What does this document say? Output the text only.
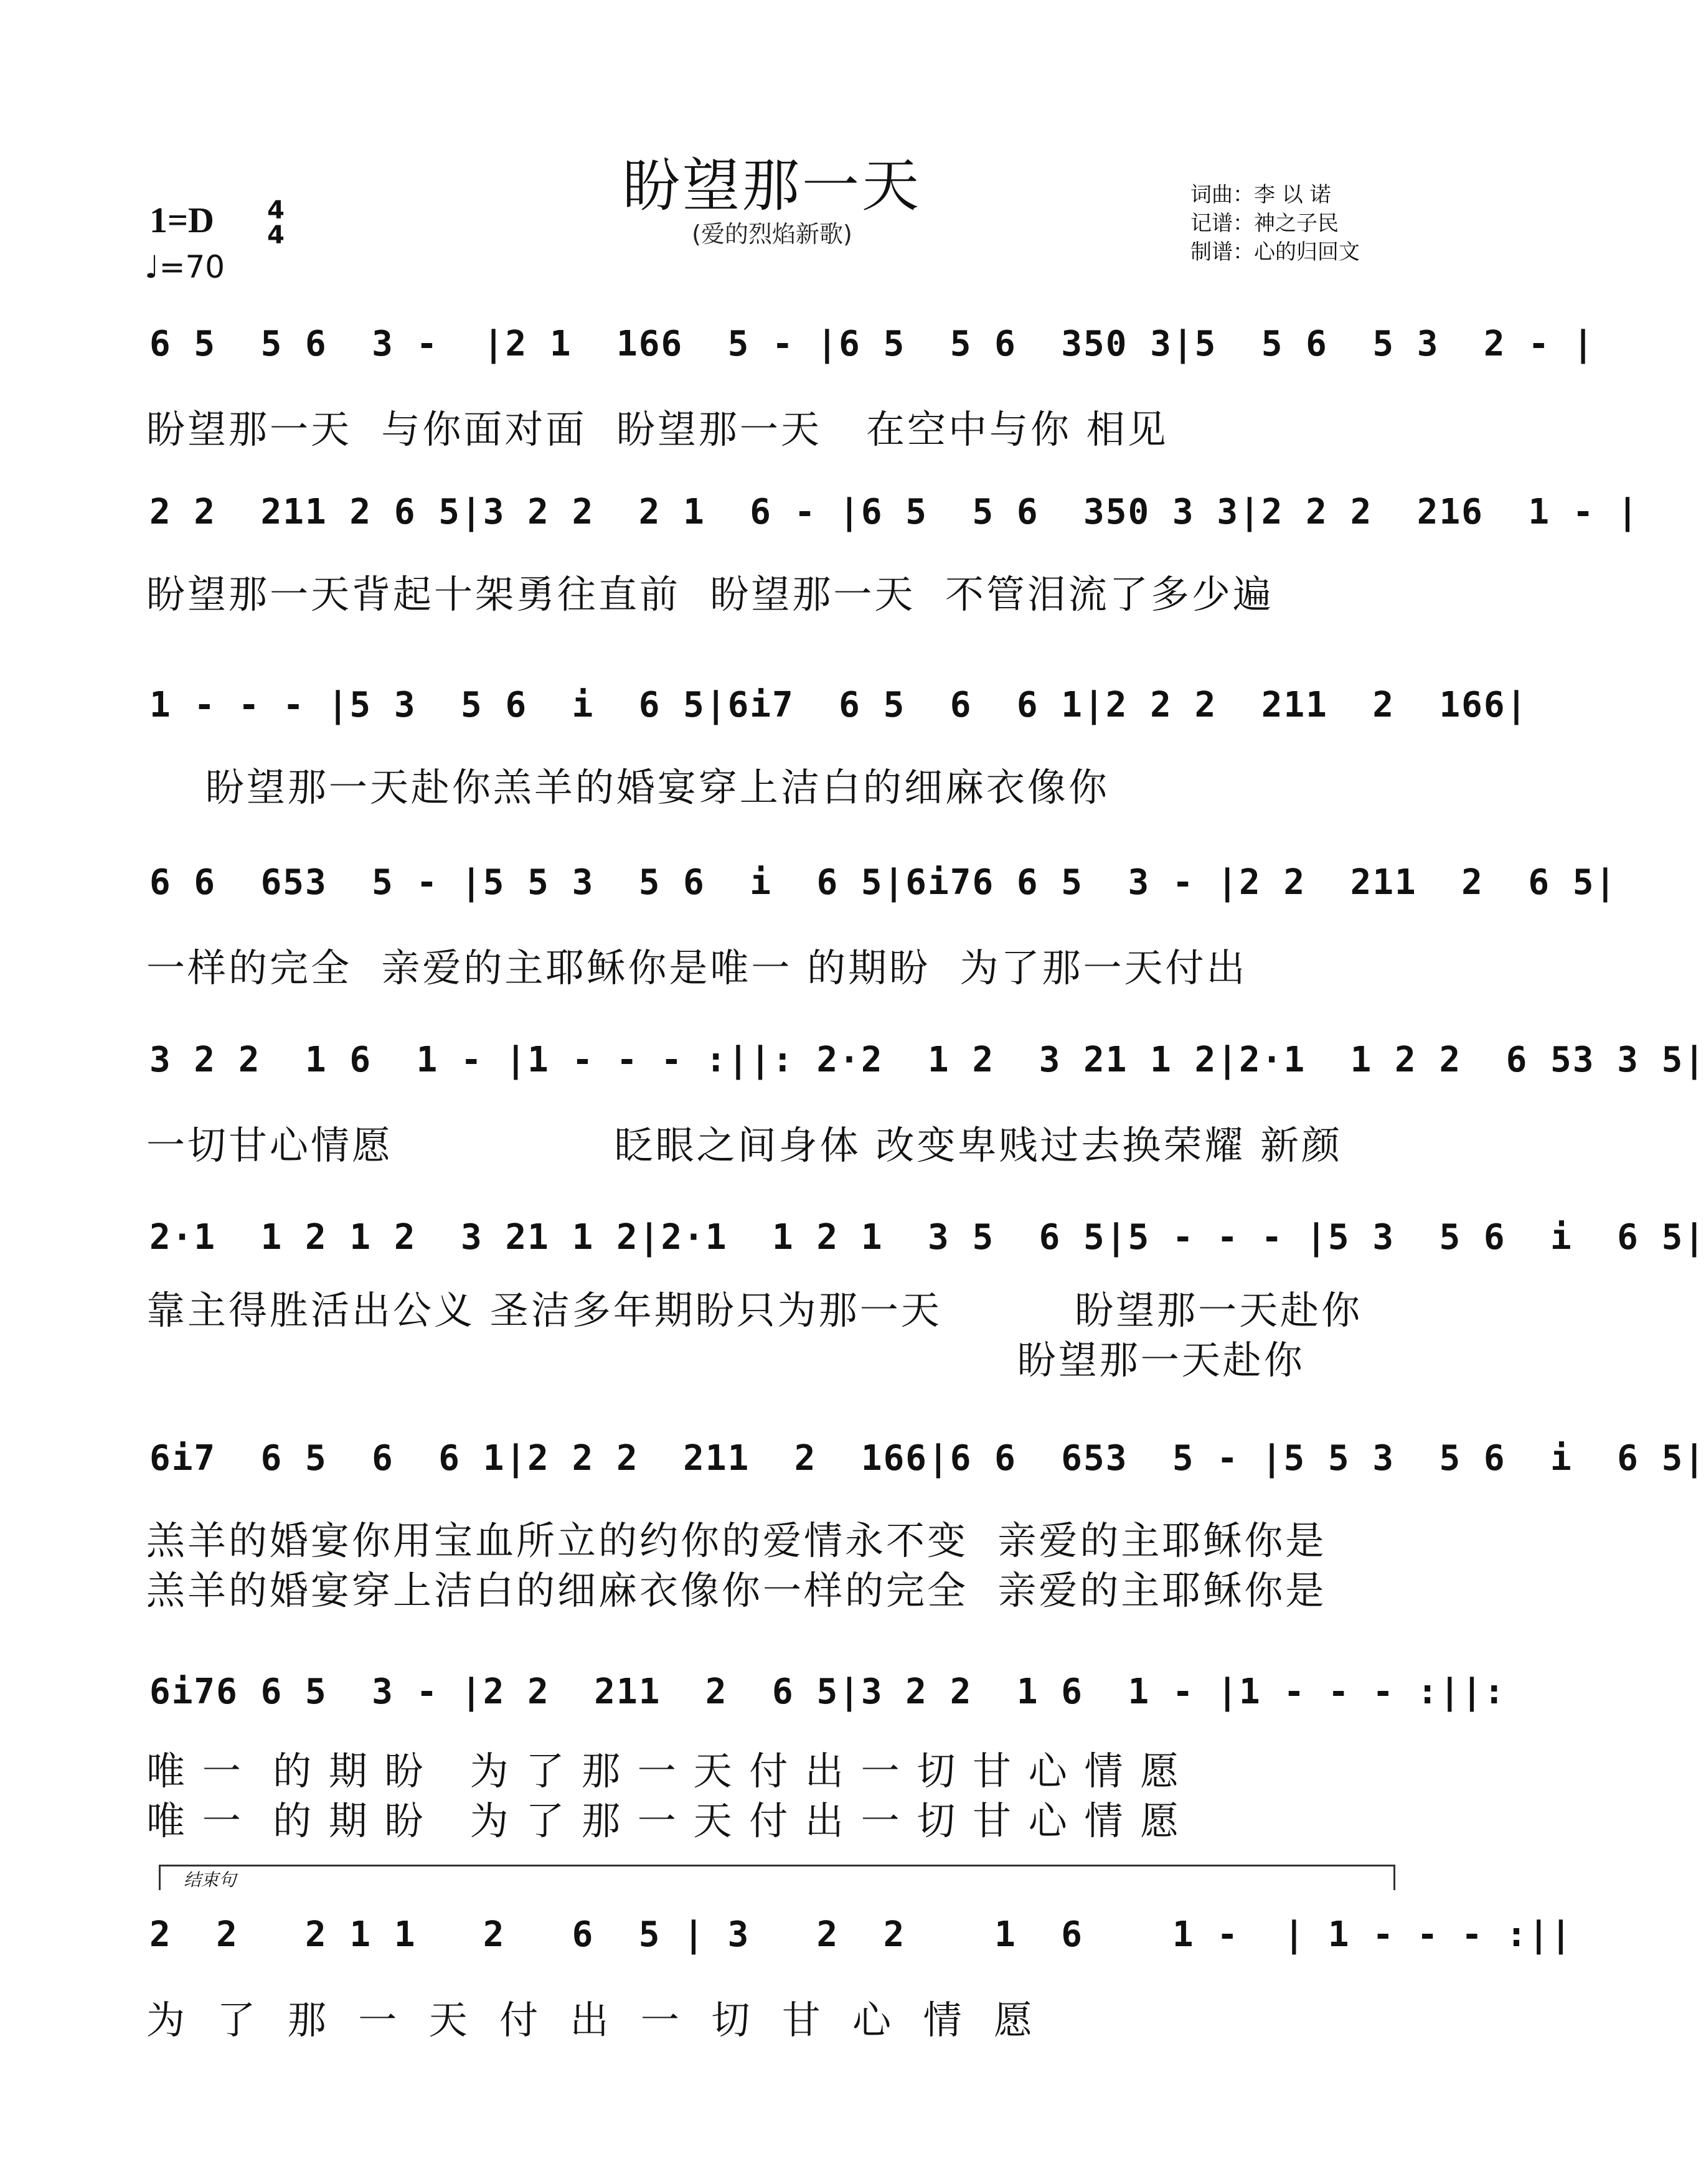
盼望那一天
(爱的烈焰新歌)
1=D 4
4
♩=70
词曲：李 以 诺
记谱：神之子民
制谱：心的归回文
6 5  5 6  3 -  |2 1  166  5 - |6 5  5 6  350 3|5  5 6  5 3  2 - |
盼望那一天  与你面对面  盼望那一天   在空中与你 相见
2 2  211 2 6 5|3 2 2  2 1  6 - |6 5  5 6  350 3 3|2 2 2  216  1 - |
盼望那一天背起十架勇往直前  盼望那一天  不管泪流了多少遍
1 - - - |5 3  5 6  i  6 5|6i7  6 5  6  6 1|2 2 2  211  2  166|
盼望那一天赴你羔羊的婚宴穿上洁白的细麻衣像你
6 6  653  5 - |5 5 3  5 6  i  6 5|6i76 6 5  3 - |2 2  211  2  6 5|
一样的完全  亲爱的主耶稣你是唯一 的期盼  为了那一天付出
3 2 2  1 6  1 - |1 - - - :||: 2·2  1 2  3 21 1 2|2·1  1 2 2  6 53 3 5|
一切甘心情愿               眨眼之间身体 改变卑贱过去换荣耀 新颜
2·1  1 2 1 2  3 21 1 2|2·1  1 2 1  3 5  6 5|5 - - - |5 3  5 6  i  6 5|
靠主得胜活出公义 圣洁多年期盼只为那一天         盼望那一天赴你
盼望那一天赴你
6i7  6 5  6  6 1|2 2 2  211  2  166|6 6  653  5 - |5 5 3  5 6  i  6 5|
羔羊的婚宴你用宝血所立的约你的爱情永不变  亲爱的主耶稣你是
羔羊的婚宴穿上洁白的细麻衣像你一样的完全  亲爱的主耶稣你是
6i76 6 5  3 - |2 2  211  2  6 5|3 2 2  1 6  1 - |1 - - - :||:
唯 一  的 期 盼   为 了 那 一 天 付 出 一 切 甘 心 情 愿
唯 一  的 期 盼   为 了 那 一 天 付 出 一 切 甘 心 情 愿
结束句
2  2   2 1 1   2   6  5 | 3   2  2    1  6    1 -  | 1 - - - :||
为  了  那  一  天  付  出  一  切  甘  心  情  愿
